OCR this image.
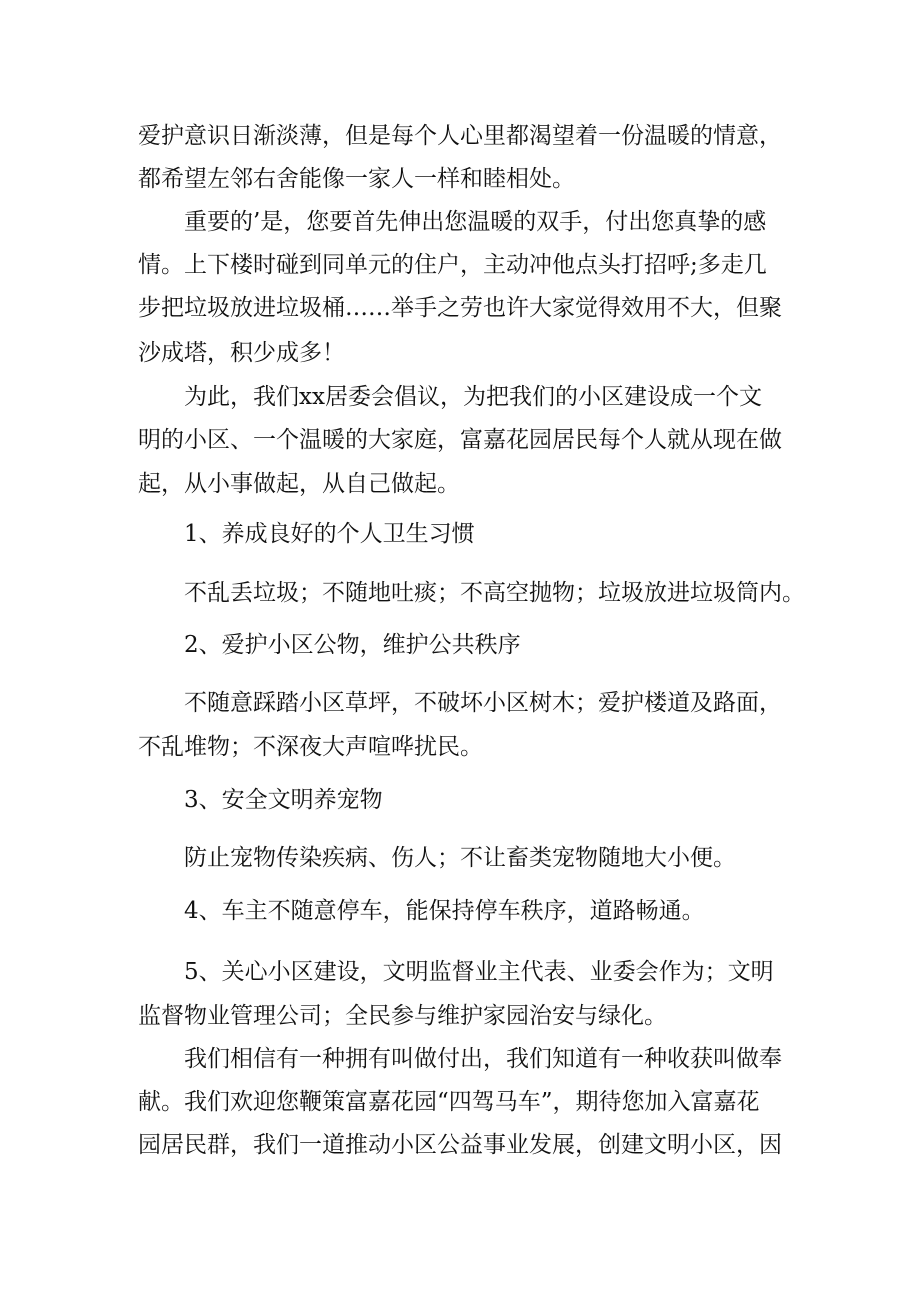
爱护意识日渐淡薄，但是每个人心里都渴望着一份温暖的情意，

都希望左邻右舍能像一家人一样和睦相处。

重要的’是，您要首先伸出您温暖的双手，付出您真挚的感

情。上下楼时碰到同单元的住户，主动冲他点头打招呼;多走几

步把垃圾放进垃圾桶……举手之劳也许大家觉得效用不大，但聚

沙成塔，积少成多！

为此，我们xx居委会倡议，为把我们的小区建设成一个文

明的小区、一个温暖的大家庭，富嘉花园居民每个人就从现在做

起，从小事做起，从自己做起。

1、养成良好的个人卫生习惯

不乱丢垃圾；不随地吐痰；不高空抛物；垃圾放进垃圾筒内。

2、爱护小区公物，维护公共秩序

不随意踩踏小区草坪，不破坏小区树木；爱护楼道及路面，

不乱堆物；不深夜大声喧哗扰民。

3、安全文明养宠物

防止宠物传染疾病、伤人；不让畜类宠物随地大小便。

4、车主不随意停车，能保持停车秩序，道路畅通。

5、关心小区建设，文明监督业主代表、业委会作为；文明

监督物业管理公司；全民参与维护家园治安与绿化。

我们相信有一种拥有叫做付出，我们知道有一种收获叫做奉

献。我们欢迎您鞭策富嘉花园“四驾马车”，期待您加入富嘉花

园居民群，我们一道推动小区公益事业发展，创建文明小区，因
